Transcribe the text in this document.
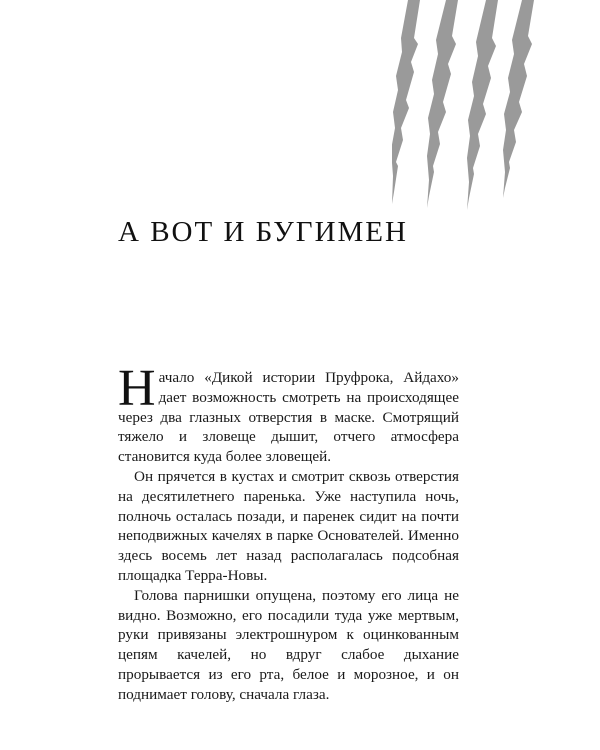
А ВОТ И БУГИМЕН

Начало «Дикой истории Пруфрока, Айдахо» дает возможность смотреть на происходящее через два глазных отверстия в маске. Смотрящий тяжело и зловеще дышит, отчего атмосфера становится куда более зловещей.

Он прячется в кустах и смотрит сквозь отверстия на десятилетнего паренька. Уже наступила ночь, полночь осталась позади, и паренек сидит на почти неподвижных качелях в парке Основателей. Именно здесь восемь лет назад располагалась подсобная площадка Терра-Новы.

Голова парнишки опущена, поэтому его лица не видно. Возможно, его посадили туда уже мертвым, руки привязаны электрошнуром к оцинкованным цепям качелей, но вдруг слабое дыхание прорывается из его рта, белое и морозное, и он поднимает голову, сначала глаза.
